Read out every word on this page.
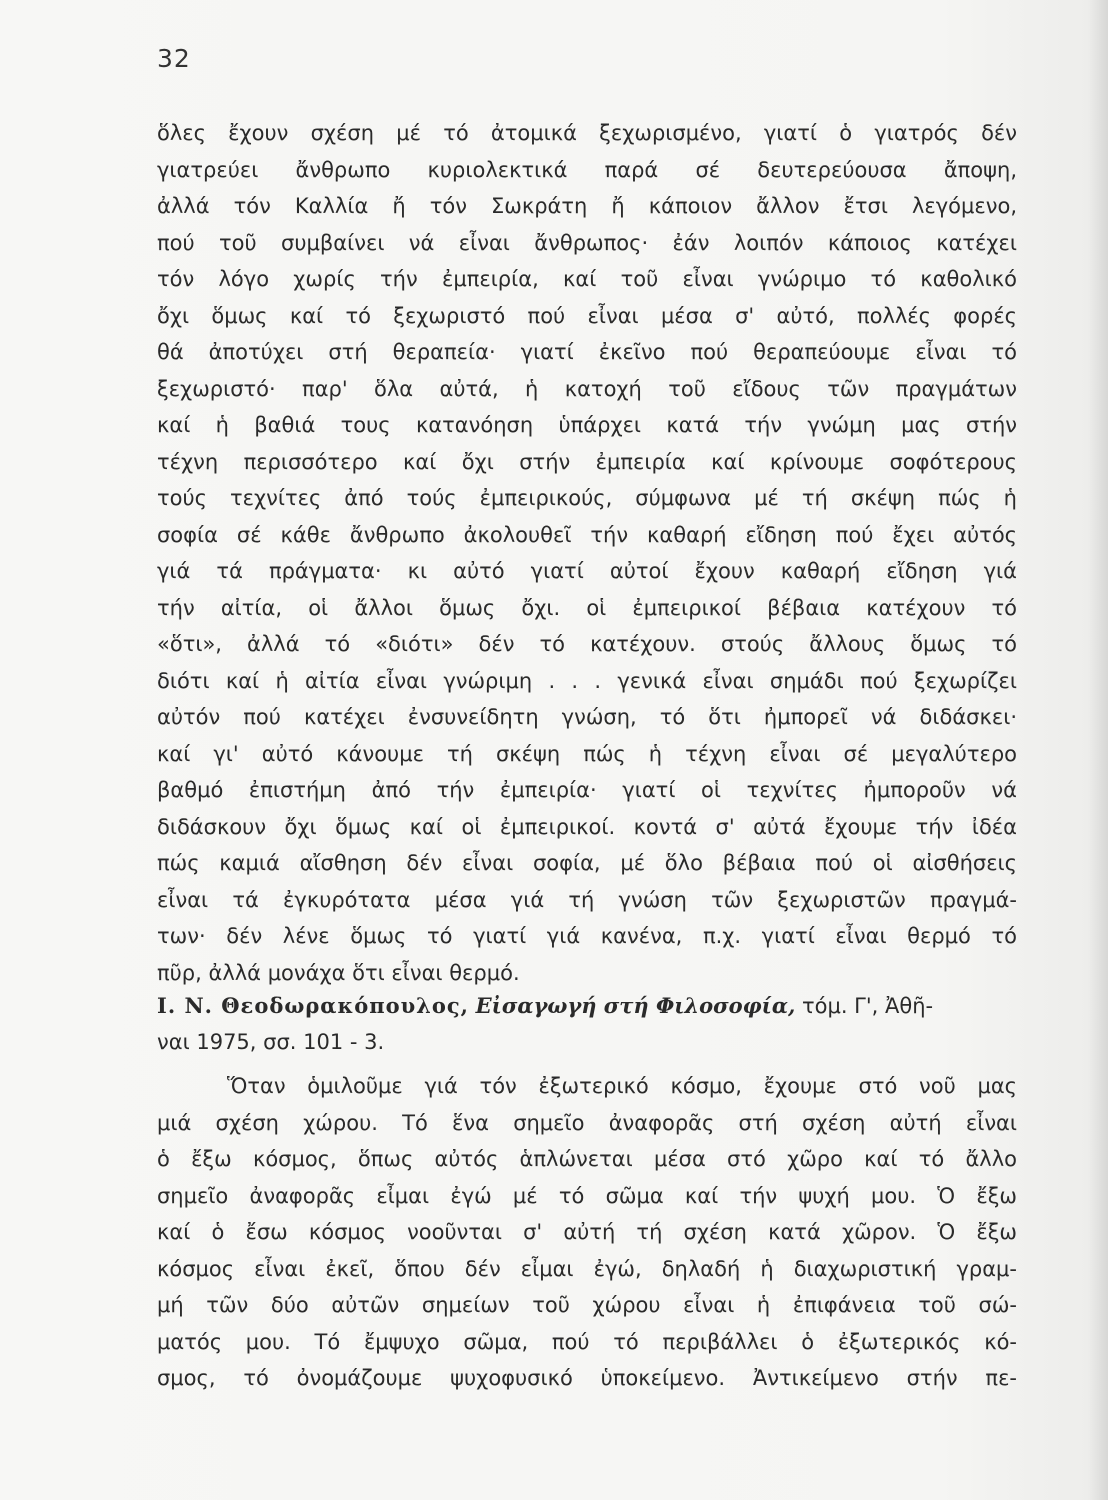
32
ὅλες ἔχουν σχέση μέ τό ἀτομικά ξεχωρισμένο, γιατί ὁ γιατρός δέν
γιατρεύει ἄνθρωπο κυριολεκτικά παρά σέ δευτερεύουσα ἄποψη,
ἀλλά τόν Καλλία ἤ τόν Σωκράτη ἤ κάποιον ἄλλον ἔτσι λεγόμενο,
πού τοῦ συμβαίνει νά εἶναι ἄνθρωπος· ἐάν λοιπόν κάποιος κατέχει
τόν λόγο χωρίς τήν ἐμπειρία, καί τοῦ εἶναι γνώριμο τό καθολικό
ὄχι ὅμως καί τό ξεχωριστό πού εἶναι μέσα σ' αὐτό, πολλές φορές
θά ἀποτύχει στή θεραπεία· γιατί ἐκεῖνο πού θεραπεύουμε εἶναι τό
ξεχωριστό· παρ' ὅλα αὐτά, ἡ κατοχή τοῦ εἴδους τῶν πραγμάτων
καί ἡ βαθιά τους κατανόηση ὑπάρχει κατά τήν γνώμη μας στήν
τέχνη περισσότερο καί ὄχι στήν ἐμπειρία καί κρίνουμε σοφότερους
τούς τεχνίτες ἀπό τούς ἐμπειρικούς, σύμφωνα μέ τή σκέψη πώς ἡ
σοφία σέ κάθε ἄνθρωπο ἀκολουθεῖ τήν καθαρή εἴδηση πού ἔχει αὐτός
γιά τά πράγματα· κι αὐτό γιατί αὐτοί ἔχουν καθαρή εἴδηση γιά
τήν αἰτία, οἱ ἄλλοι ὅμως ὄχι. οἱ ἐμπειρικοί βέβαια κατέχουν τό
«ὅτι», ἀλλά τό «διότι» δέν τό κατέχουν. στούς ἄλλους ὅμως τό
διότι καί ἡ αἰτία εἶναι γνώριμη . . . γενικά εἶναι σημάδι πού ξεχωρίζει
αὐτόν πού κατέχει ἐνσυνείδητη γνώση, τό ὅτι ἠμπορεῖ νά διδάσκει·
καί γι' αὐτό κάνουμε τή σκέψη πώς ἡ τέχνη εἶναι σέ μεγαλύτερο
βαθμό ἐπιστήμη ἀπό τήν ἐμπειρία· γιατί οἱ τεχνίτες ἠμποροῦν νά
διδάσκουν ὄχι ὅμως καί οἱ ἐμπειρικοί. κοντά σ' αὐτά ἔχουμε τήν ἰδέα
πώς καμιά αἴσθηση δέν εἶναι σοφία, μέ ὅλο βέβαια πού οἱ αἰσθήσεις
εἶναι τά ἐγκυρότατα μέσα γιά τή γνώση τῶν ξεχωριστῶν πραγμά-
των· δέν λένε ὅμως τό γιατί γιά κανένα, π.χ. γιατί εἶναι θερμό τό
πῦρ, ἀλλά μονάχα ὅτι εἶναι θερμό.
Ι. Ν. Θεοδωρακόπουλος, Εἰσαγωγή στή Φιλοσοφία, τόμ. Γ', Ἀθῆ-
ναι 1975, σσ. 101 - 3.
Ὅταν ὁμιλοῦμε γιά τόν ἐξωτερικό κόσμο, ἔχουμε στό νοῦ μας
μιά σχέση χώρου. Τό ἕνα σημεῖο ἀναφορᾶς στή σχέση αὐτή εἶναι
ὁ ἔξω κόσμος, ὅπως αὐτός ἁπλώνεται μέσα στό χῶρο καί τό ἄλλο
σημεῖο ἀναφορᾶς εἶμαι ἐγώ μέ τό σῶμα καί τήν ψυχή μου. Ὁ ἔξω
καί ὁ ἔσω κόσμος νοοῦνται σ' αὐτή τή σχέση κατά χῶρον. Ὁ ἔξω
κόσμος εἶναι ἐκεῖ, ὅπου δέν εἶμαι ἐγώ, δηλαδή ἡ διαχωριστική γραμ-
μή τῶν δύο αὐτῶν σημείων τοῦ χώρου εἶναι ἡ ἐπιφάνεια τοῦ σώ-
ματός μου. Τό ἔμψυχο σῶμα, πού τό περιβάλλει ὁ ἐξωτερικός κό-
σμος, τό ὀνομάζουμε ψυχοφυσικό ὑποκείμενο. Ἀντικείμενο στήν πε-
